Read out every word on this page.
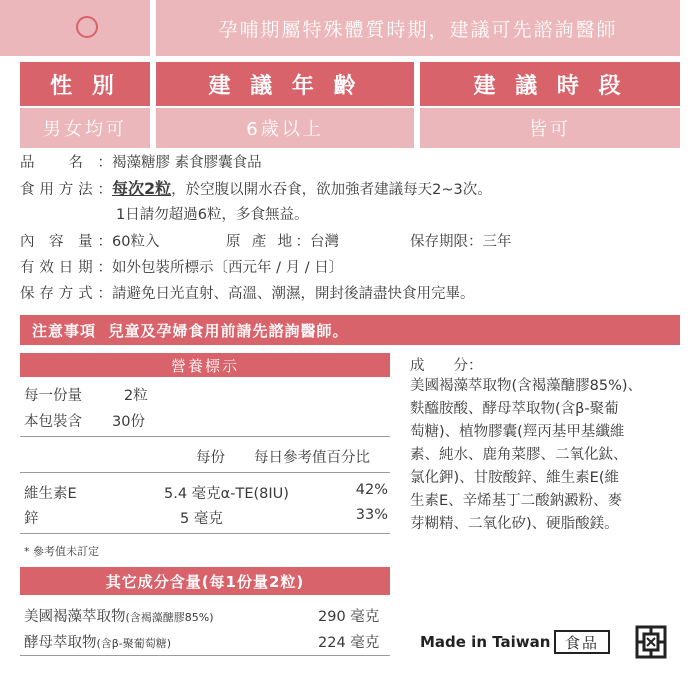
孕哺期屬特殊體質時期，建議可先諮詢醫師
性 別	建 議 年 齡	建 議 時 段
男女均可	6歲以上	皆可
品 名：褐藻糖膠 素食膠囊食品
食用方法：每次2粒，於空腹以開水吞食，欲加強者建議每天2~3次。
1日請勿超過6粒，多食無益。
內 容 量：60粒入	原 產 地：台灣	保存期限：三年
有效日期：如外包裝所標示〔西元年 / 月 / 日〕
保存方式：請避免日光直射、高溫、潮濕，開封後請盡快食用完畢。
注意事項  兒童及孕婦食用前請先諮詢醫師。
營養標示
每一份量	2粒
本包裝含 30份
每份 每日參考值百分比
維生素E	5.4 毫克α-TE(8IU)	42%
鋅	5 毫克	33%
* 參考值未訂定
成　　分：
美國褐藻萃取物(含褐藻醣膠85%)、
麩醯胺酸、酵母萃取物(含β-聚葡
萄糖)、植物膠囊(羥丙基甲基纖維
素、純水、鹿角菜膠、二氧化鈦、
氯化鉀)、甘胺酸鋅、維生素E(維
生素E、辛烯基丁二酸鈉澱粉、麥
芽糊精、二氧化矽)、硬脂酸鎂。
其它成分含量(每1份量2粒)
美國褐藻萃取物(含褐藻醣膠85%)	290 毫克
酵母萃取物(含β-聚葡萄糖)	224 毫克	Made in Taiwan 食品
